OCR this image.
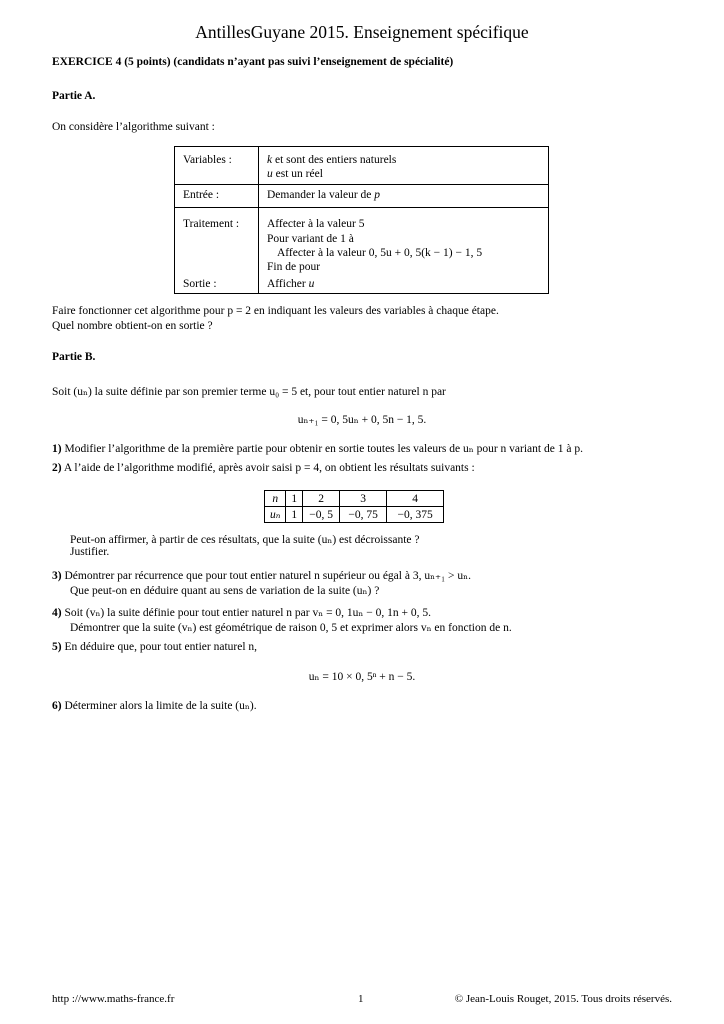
AntillesGuyane 2015. Enseignement spécifique
EXERCICE 4 (5 points) (candidats n’ayant pas suivi l’enseignement de spécialité)
Partie A.
On considère l’algorithme suivant :
Variables :	k et sont des entiers naturels
u est un réel
Entrée :	Demander la valeur de p
Traitement : Affecter à la valeur 5
Pour variant de 1 à
Affecter à la valeur 0, 5u + 0, 5(k − 1) − 1, 5
Fin de pour
Sortie :	Afficher u
Faire fonctionner cet algorithme pour p = 2 en indiquant les valeurs des variables à chaque étape.
Quel nombre obtient-on en sortie ?
Partie B.
Soit (uₙ) la suite définie par son premier terme u₀ = 5 et, pour tout entier naturel n par
uₙ₊₁ = 0, 5uₙ + 0, 5n − 1, 5.
1) Modifier l’algorithme de la première partie pour obtenir en sortie toutes les valeurs de uₙ pour n variant de 1 à p.
2) A l’aide de l’algorithme modifié, après avoir saisi p = 4, on obtient les résultats suivants :
n	1	2	3	4
uₙ	1	−0, 5	−0, 75	−0, 375
Peut-on affirmer, à partir de ces résultats, que la suite (uₙ) est décroissante ?
Justifier.
3) Démontrer par récurrence que pour tout entier naturel n supérieur ou égal à 3, uₙ₊₁ > uₙ.
Que peut-on en déduire quant au sens de variation de la suite (uₙ) ?
4) Soit (vₙ) la suite définie pour tout entier naturel n par vₙ = 0, 1uₙ − 0, 1n + 0, 5.
Démontrer que la suite (vₙ) est géométrique de raison 0, 5 et exprimer alors vₙ en fonction de n.
5) En déduire que, pour tout entier naturel n,
uₙ = 10 × 0, 5ⁿ + n − 5.
6) Déterminer alors la limite de la suite (uₙ).
http ://www.maths-france.fr	1	© Jean-Louis Rouget, 2015. Tous droits réservés.
